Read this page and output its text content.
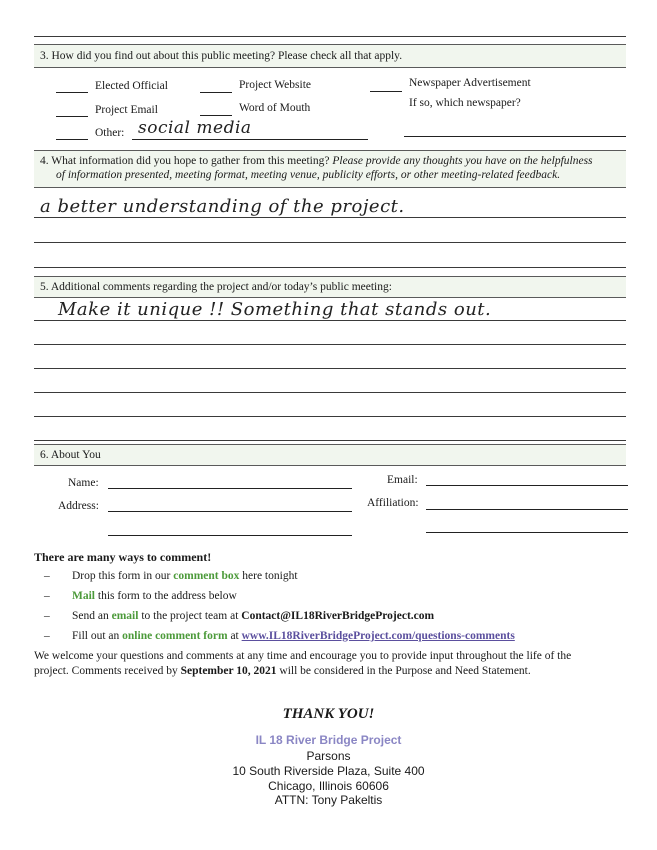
3. How did you find out about this public meeting? Please check all that apply.
Elected Official	Project Website	Newspaper Advertisement
If so, which newspaper?
Project Email	Word of Mouth
Other: social media
4. What information did you hope to gather from this meeting? Please provide any thoughts you have on the helpfulness
of information presented, meeting format, meeting venue, publicity efforts, or other meeting-related feedback.
a better understanding of the project.
5. Additional comments regarding the project and/or today’s public meeting:
Make it unique !! Something that stands out.
6. About You
Name:
Address:
Email:
Affiliation:
There are many ways to comment!
– Drop this form in our comment box here tonight
– Mail this form to the address below
– Send an email to the project team at Contact@IL18RiverBridgeProject.com
– Fill out an online comment form at www.IL18RiverBridgeProject.com/questions-comments
We welcome your questions and comments at any time and encourage you to provide input throughout the life of the
project. Comments received by September 10, 2021 will be considered in the Purpose and Need Statement.
THANK YOU!
IL 18 River Bridge Project
Parsons
10 South Riverside Plaza, Suite 400
Chicago, Illinois 60606
ATTN: Tony Pakeltis
